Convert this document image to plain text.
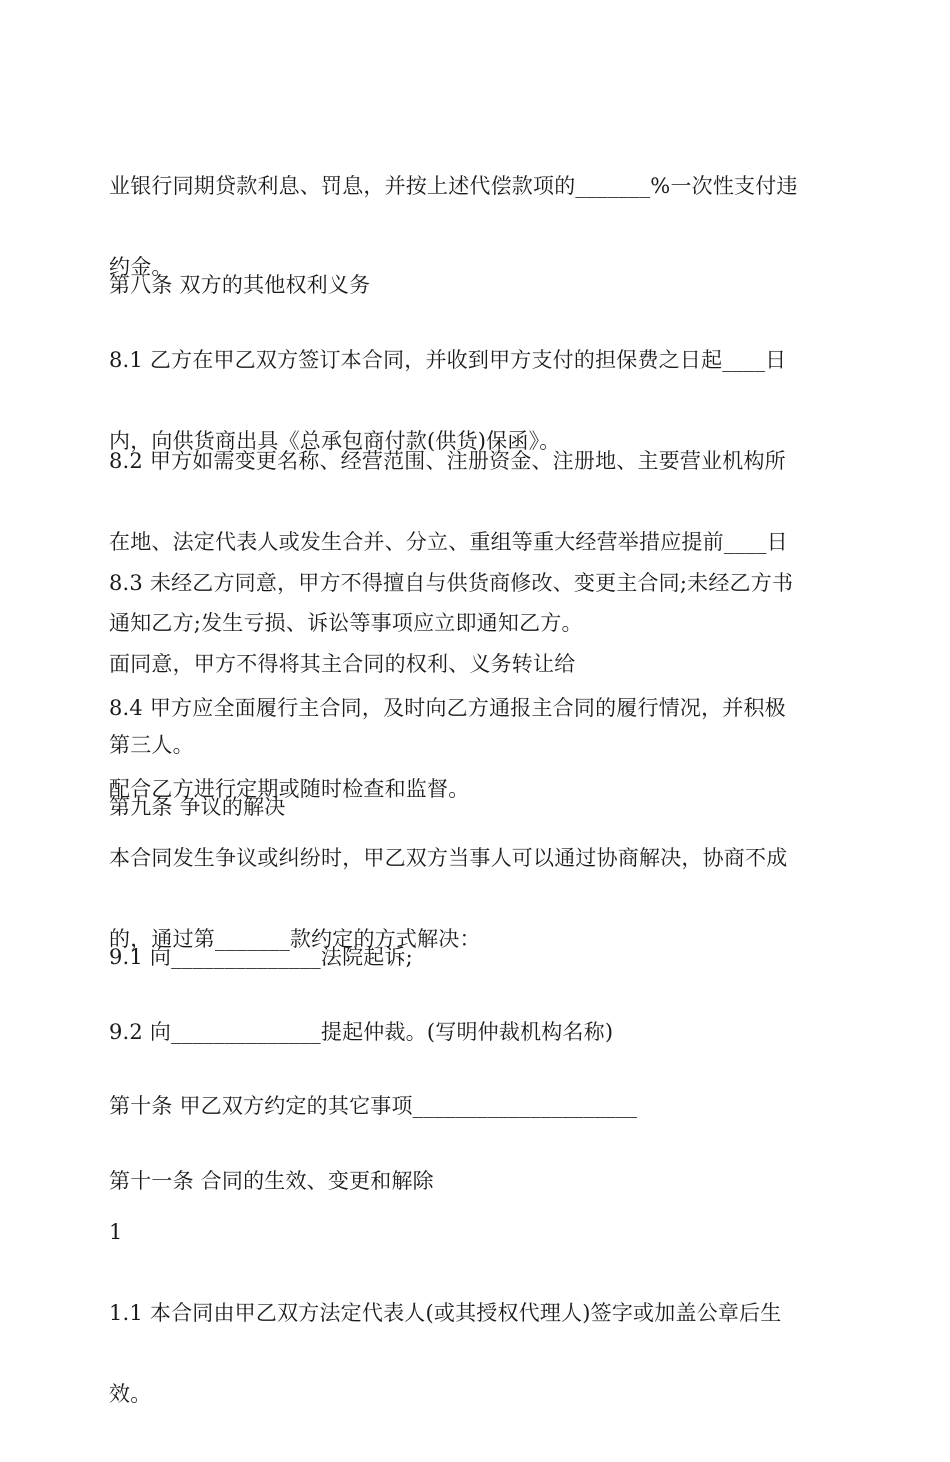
业银行同期贷款利息、罚息，并按上述代偿款项的_______%一次性支付违

约金。

第八条 双方的其他权利义务

8.1 乙方在甲乙双方签订本合同，并收到甲方支付的担保费之日起____日

内，向供货商出具《总承包商付款(供货)保函》。

8.2 甲方如需变更名称、经营范围、注册资金、注册地、主要营业机构所

在地、法定代表人或发生合并、分立、重组等重大经营举措应提前____日

通知乙方;发生亏损、诉讼等事项应立即通知乙方。

8.3 未经乙方同意，甲方不得擅自与供货商修改、变更主合同;未经乙方书

面同意，甲方不得将其主合同的权利、义务转让给

第三人。

8.4 甲方应全面履行主合同，及时向乙方通报主合同的履行情况，并积极

配合乙方进行定期或随时检查和监督。

第九条 争议的解决

本合同发生争议或纠纷时，甲乙双方当事人可以通过协商解决，协商不成

的，通过第_______款约定的方式解决：

9.1 向______________法院起诉;

9.2 向______________提起仲裁。(写明仲裁机构名称)

第十条 甲乙双方约定的其它事项_____________________

第十一条 合同的生效、变更和解除

1

1.1 本合同由甲乙双方法定代表人(或其授权代理人)签字或加盖公章后生

效。
